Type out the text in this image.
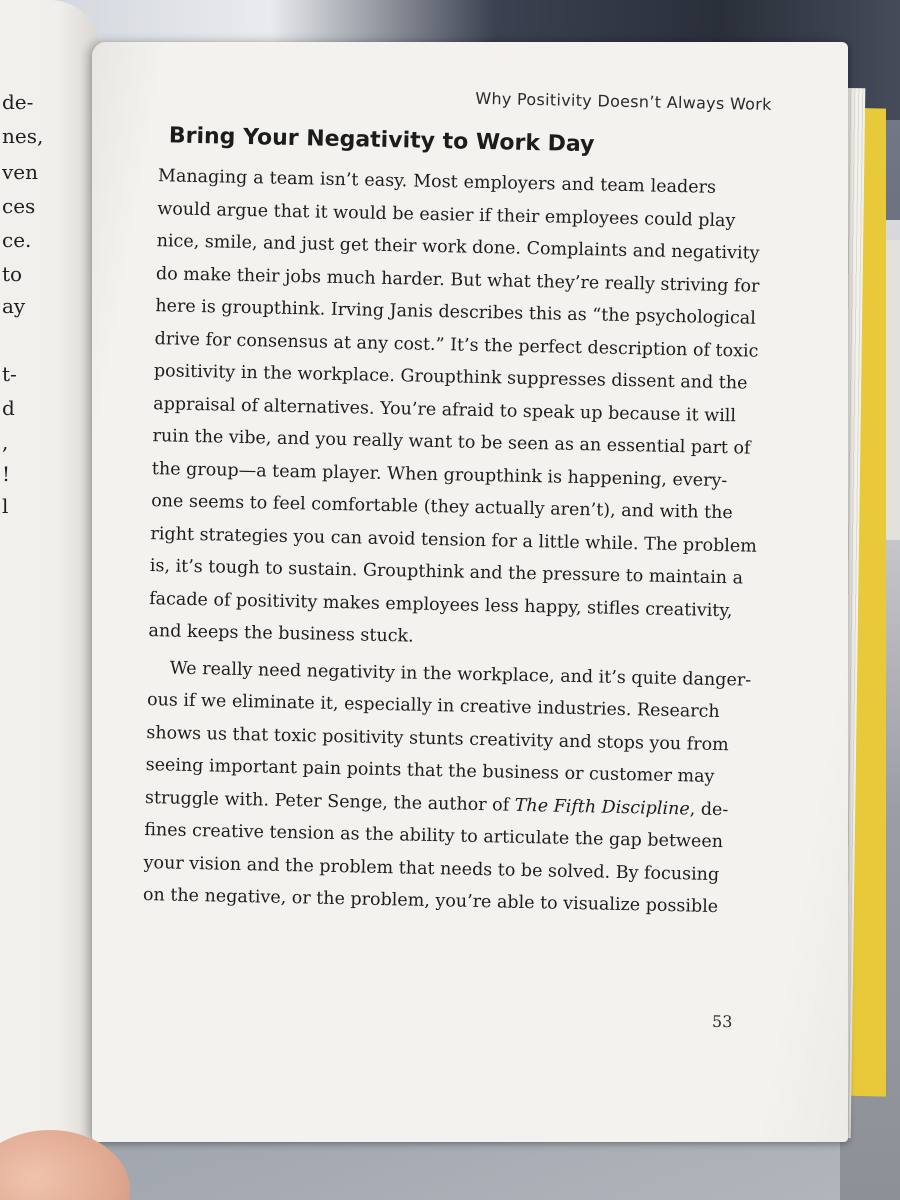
de-
nes,
ven
ces
ce.
to
ay
t-
d
,
!
l
Why Positivity Doesn’t Always Work
Bring Your Negativity to Work Day
Managing a team isn’t easy. Most employers and team leaders
would argue that it would be easier if their employees could play
nice, smile, and just get their work done. Complaints and negativity
do make their jobs much harder. But what they’re really striving for
here is groupthink. Irving Janis describes this as “the psychological
drive for consensus at any cost.” It’s the perfect description of toxic
positivity in the workplace. Groupthink suppresses dissent and the
appraisal of alternatives. You’re afraid to speak up because it will
ruin the vibe, and you really want to be seen as an essential part of
the group—a team player. When groupthink is happening, every-
one seems to feel comfortable (they actually aren’t), and with the
right strategies you can avoid tension for a little while. The problem
is, it’s tough to sustain. Groupthink and the pressure to maintain a
facade of positivity makes employees less happy, stifles creativity,
and keeps the business stuck.
We really need negativity in the workplace, and it’s quite danger-
ous if we eliminate it, especially in creative industries. Research
shows us that toxic positivity stunts creativity and stops you from
seeing important pain points that the business or customer may
struggle with. Peter Senge, the author of The Fifth Discipline, de-
fines creative tension as the ability to articulate the gap between
your vision and the problem that needs to be solved. By focusing
on the negative, or the problem, you’re able to visualize possible
53
